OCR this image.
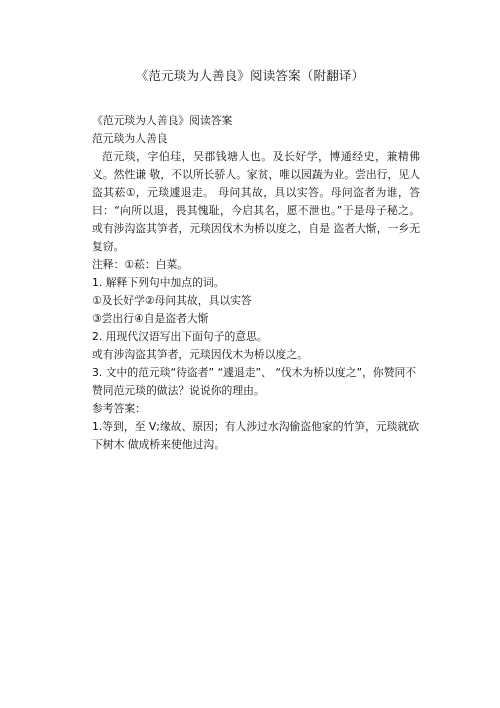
《范元琰为人善良》阅读答案（附翻译）

《范元琰为人善良》阅读答案

范元琰为人善良

范元琰，字伯珪，吴郡钱塘人也。及长好学，博通经史，兼精佛义。然性谦 敬，不以所长骄人。家贫，唯以园蔬为业。尝出行，见人盗其菘①，元琰遽退走。 母问其故，具以实答。母问盗者为谁，答曰：“向所以退，畏其愧耻，今启其名，愿不泄也。”于是母子秘之。或有涉沟盗其笋者，元琰因伐木为桥以度之，自是 盗者大惭，一乡无复窃。

注释：①菘：白菜。

1. 解释下列句中加点的词。

①及长好学②母问其故，具以实答

③尝出行④自是盗者大惭

2. 用现代汉语写出下面句子的意思。

或有涉沟盗其笋者，元琰因伐木为桥以度之。

3. 文中的范元琰“待盗者” “遽退走”、 “伐木为桥以度之”，你赞同不赞同范元琰的做法？说说你的理由。

参考答案：

1.等到，至 V;缘故、原因；有人涉过水沟偷盗他家的竹笋，元琰就砍下树木 做成桥来使他过沟。
